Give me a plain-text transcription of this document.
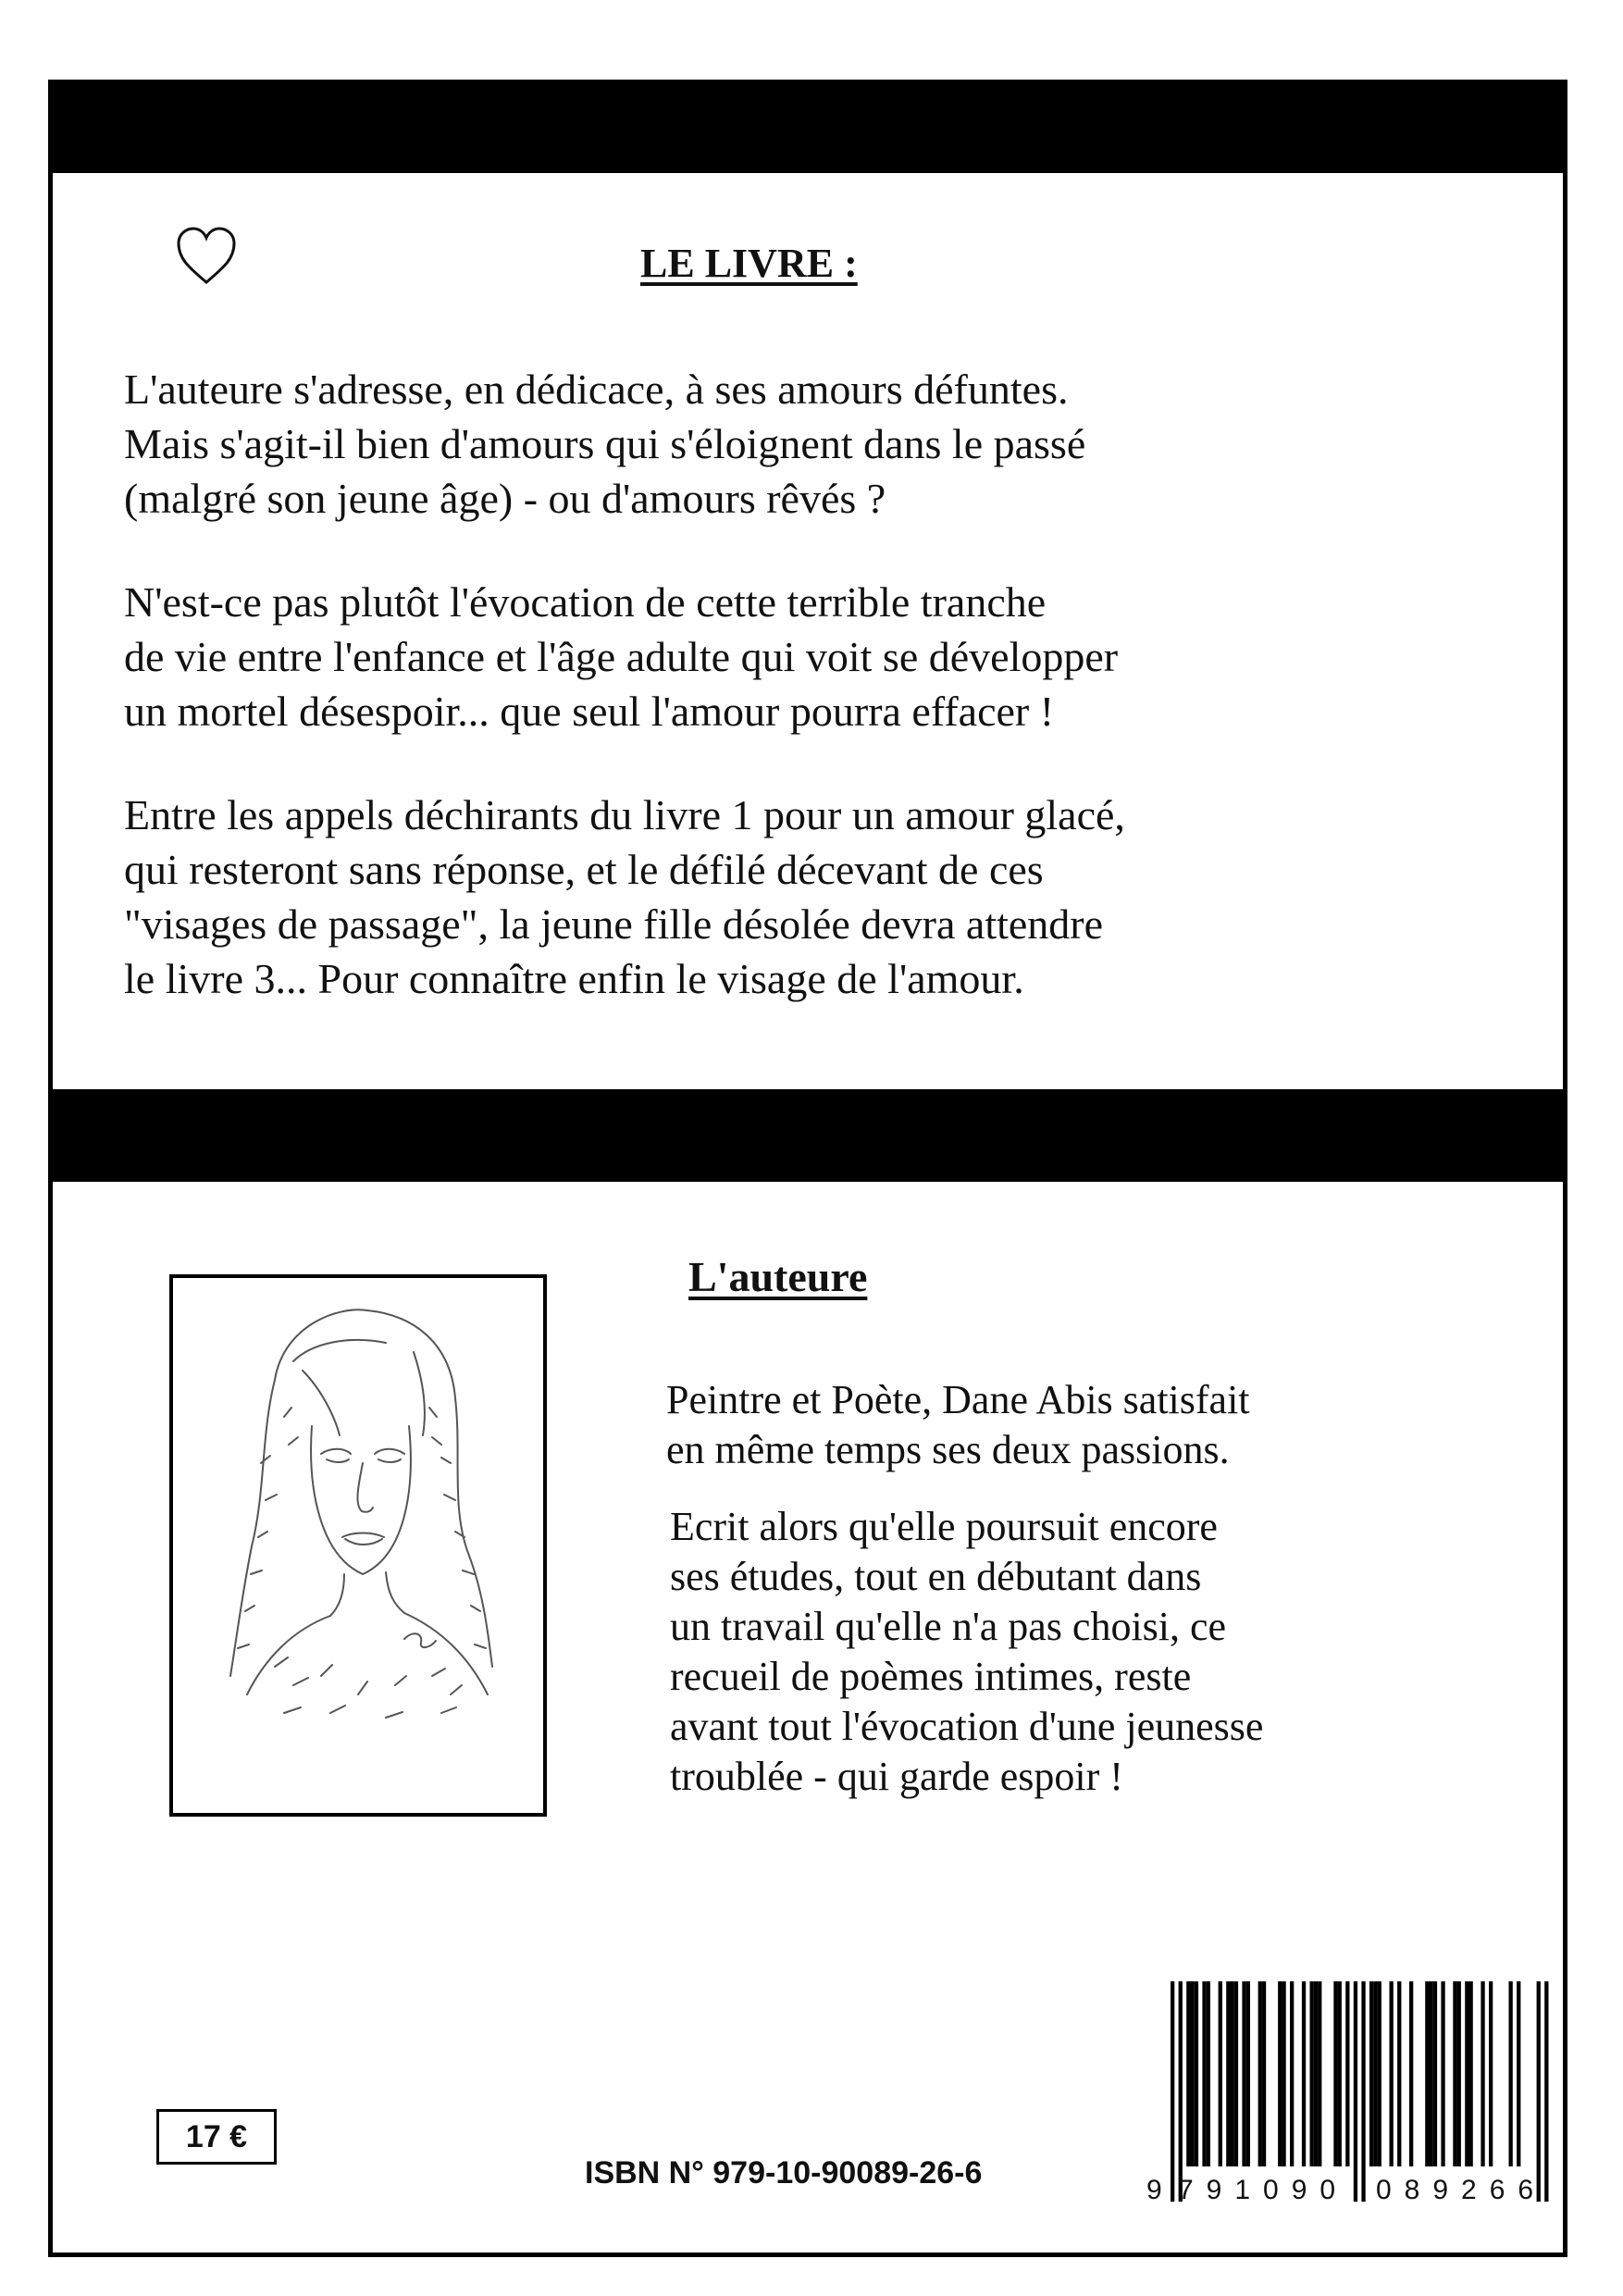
LE LIVRE :

L'auteure s'adresse, en dédicace, à ses amours défuntes.
Mais s'agit-il bien d'amours qui s'éloignent dans le passé
(malgré son jeune âge) - ou d'amours rêvés ?

N'est-ce pas plutôt l'évocation de cette terrible tranche
de vie entre l'enfance et l'âge adulte qui voit se développer
un mortel désespoir... que seul l'amour pourra effacer !

Entre les appels déchirants du livre 1 pour un amour glacé,
qui resteront sans réponse, et le défilé décevant de ces
"visages de passage", la jeune fille désolée devra attendre
le livre 3... Pour connaître enfin le visage de l'amour.

L'auteure

Peintre et Poète, Dane Abis satisfait
en même temps ses deux passions.

Ecrit alors qu'elle poursuit encore
ses études, tout en débutant dans
un travail qu'elle n'a pas choisi, ce
recueil de poèmes intimes, reste
avant tout l'évocation d'une jeunesse
troublée - qui garde espoir !

17 €
ISBN N° 979-10-90089-26-6	9 791090 089266
